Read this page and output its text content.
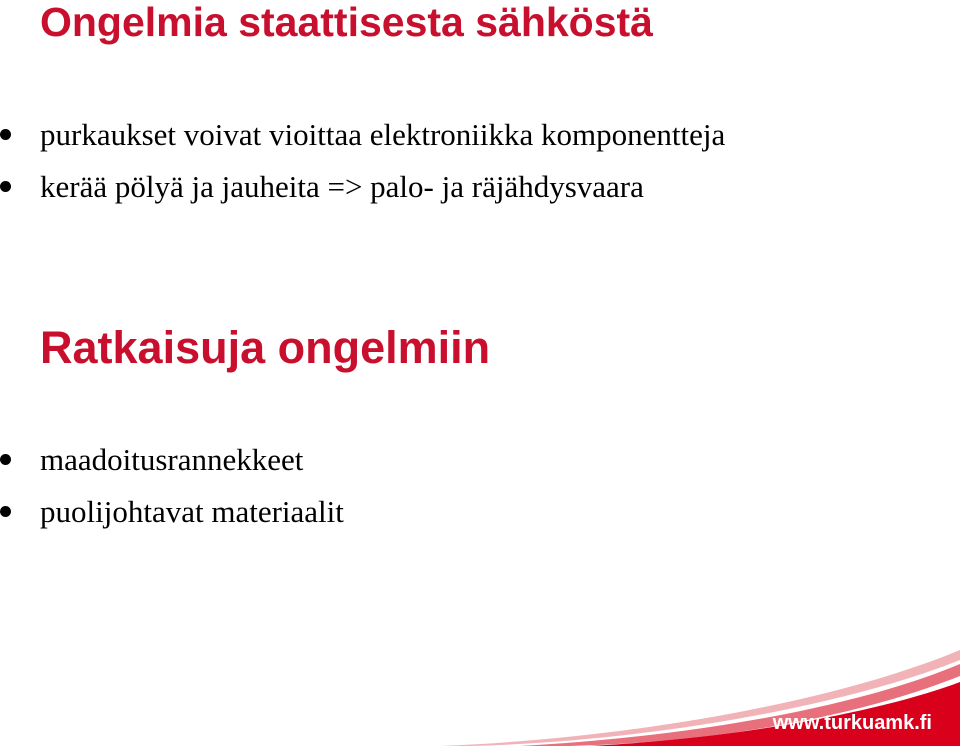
Ongelmia staattisesta sähköstä
purkaukset voivat vioittaa elektroniikka komponentteja
kerää pölyä ja jauheita => palo- ja räjähdysvaara
Ratkaisuja ongelmiin
maadoitusrannekkeet
puolijohtavat materiaalit
www.turkuamk.fi
